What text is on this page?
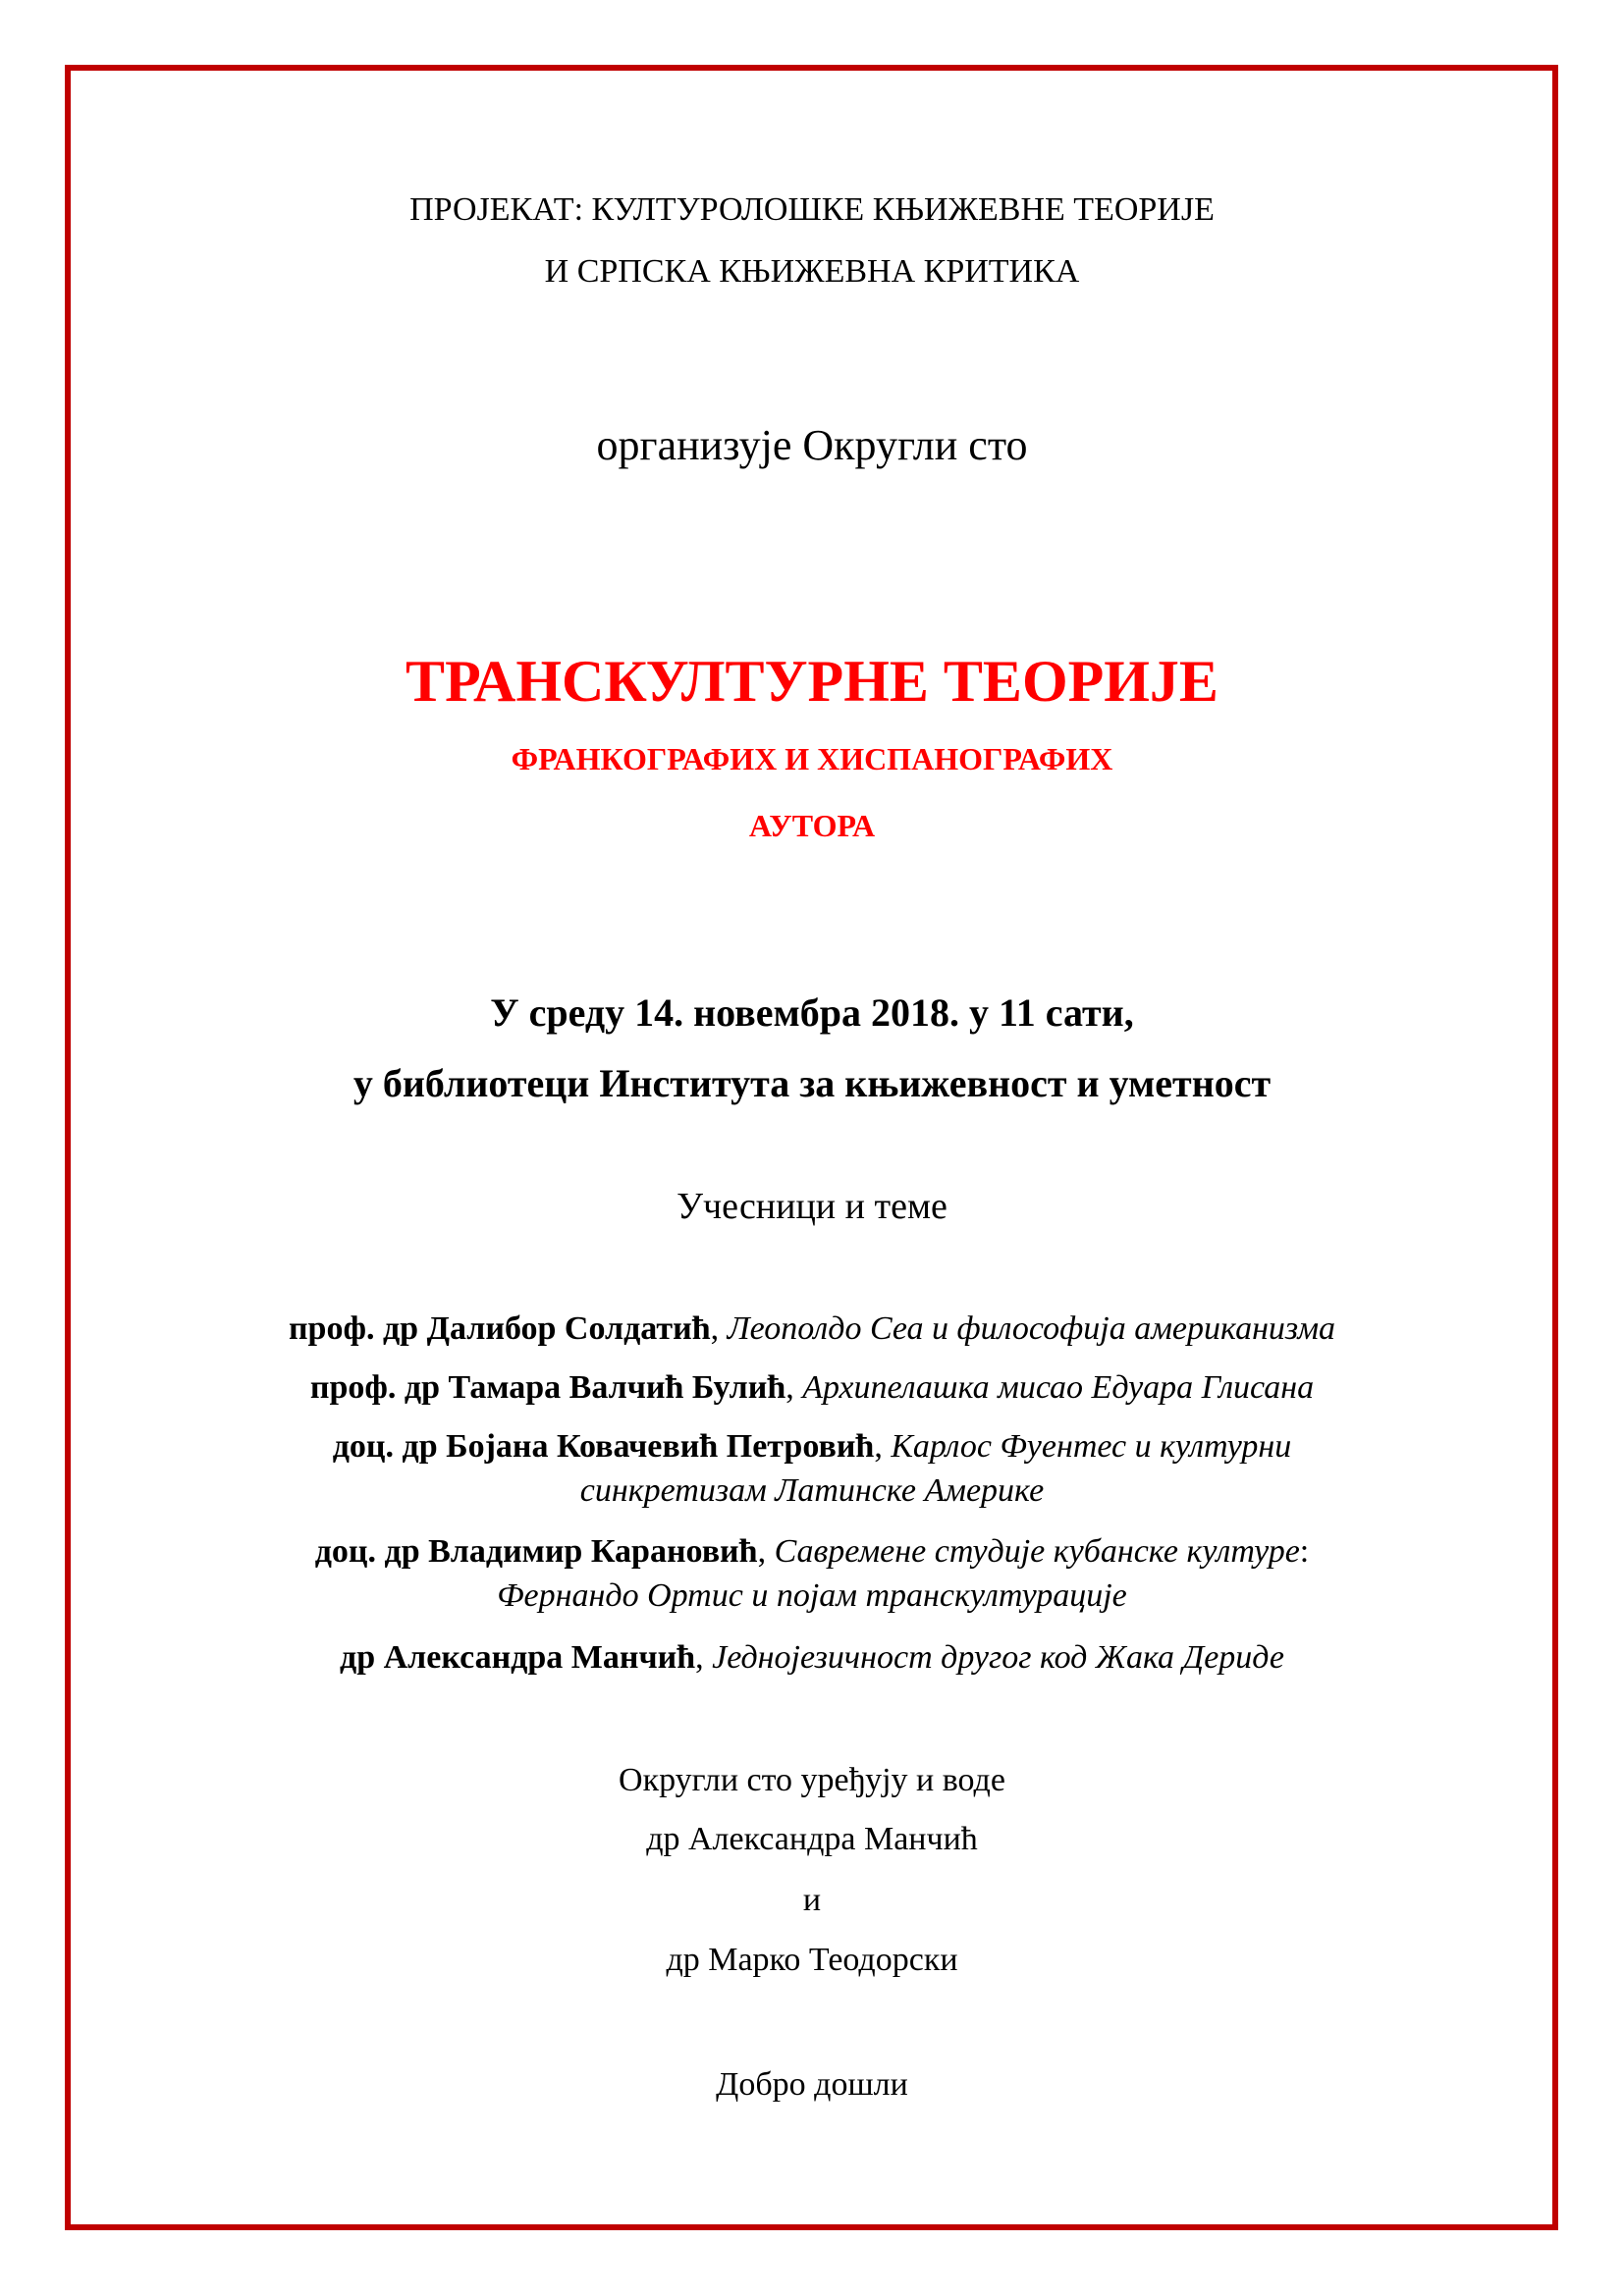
ПРОЈЕКАТ: КУЛТУРОЛОШКЕ КЊИЖЕВНЕ ТЕОРИЈЕ
И СРПСКА КЊИЖЕВНА КРИТИКА
организује Округли сто
ТРАНСКУЛТУРНЕ ТЕОРИЈЕ
ФРАНКОГРАФИХ И ХИСПАНОГРАФИХ
АУТОРА
У среду 14. новембра 2018. у 11 сати,
у библиотеци Института за књижевност и уметност
Учесници и теме
проф. др Далибор Солдатић, Леополдо Сеа и философија американизма
проф. др Тамара Валчић Булић, Архипелашка мисао Едуара Глисана
доц. др Бојана Ковачевић Петровић, Карлос Фуентес и културни
синкретизам Латинске Америке
доц. др Владимир Карановић, Савремене студије кубанске културе:
Фернандо Ортис и појам транскултурације
др Александра Манчић, Једнојезичност другог код Жака Дериде
Округли сто уређују и воде
др Александра Манчић
и
др Марко Теодорски
Добро дошли
